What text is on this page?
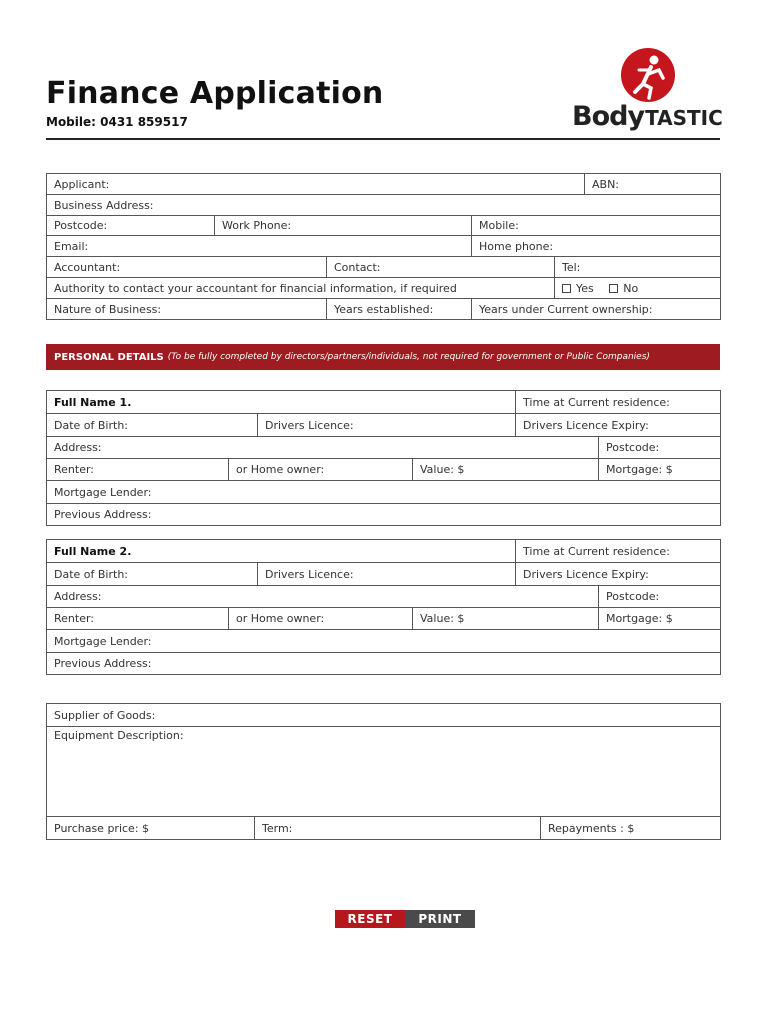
Finance Application
Mobile: 0431 859517	Body TASTIC
Applicant:					ABN:
Business Address:					
Postcode:	Work Phone:		Mobile:		
Email:			Home phone:		
Accountant:		Contact:		Tel:	
Authority to contact your accountant for financial information, if required				Yes No	
Nature of Business:		Years established:	Years under Current ownership:		
PERSONAL DETAILS (To be fully completed by directors/partners/individuals, not required for government or Public Companies)
Full Name 1.				Time at Current residence:	
Date of Birth:		Drivers Licence:		Drivers Licence Expiry:	
Address:					Postcode:
Renter:	or Home owner:		Value: $		Mortgage: $
Mortgage Lender:					
Previous Address:					
Full Name 2.				Time at Current residence:	
Date of Birth:		Drivers Licence:		Drivers Licence Expiry:	
Address:					Postcode:
Renter:	or Home owner:		Value: $		Mortgage: $
Mortgage Lender:					
Previous Address:					
Supplier of Goods:
Equipment Description:
Purchase price: $	Term:	Repayments : $
RESET	PRINT
